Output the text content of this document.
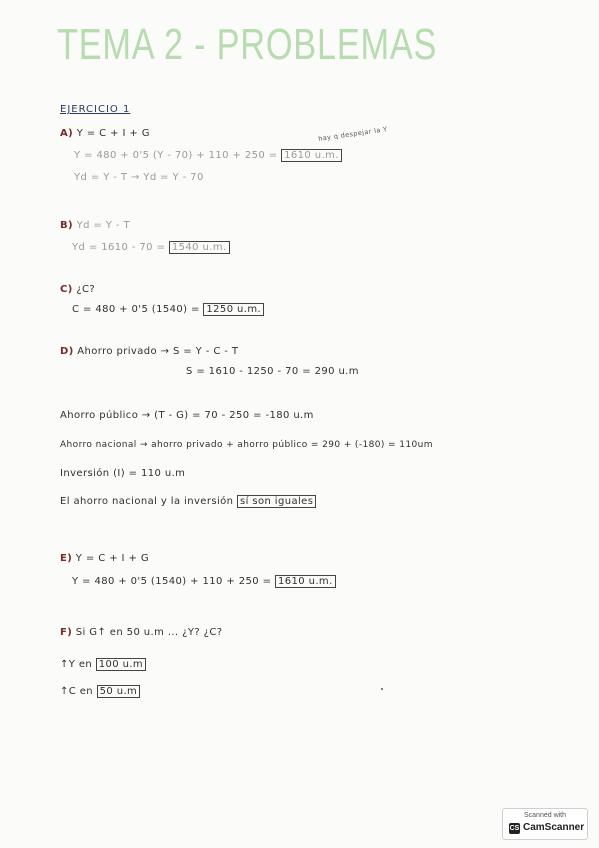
TEMA 2 - PROBLEMAS
EJERCICIO 1
A) Y = C + I + G	hay q despejar la Y
Y = 480 + 0'5 (Y - 70) + 110 + 250 = 1610 u.m.
Yd = Y - T → Yd = Y - 70
B) Yd = Y - T
Yd = 1610 - 70 = 1540 u.m.
C) ¿C?
C = 480 + 0'5 (1540) = 1250 u.m.
D) Ahorro privado → S = Y - C - T
S = 1610 - 1250 - 70 = 290 u.m
Ahorro público → (T - G) = 70 - 250 = -180 u.m
Ahorro nacional → ahorro privado + ahorro público = 290 + (-180) = 110um
Inversión (I) = 110 u.m
El ahorro nacional y la inversión sí son iguales
E) Y = C + I + G
Y = 480 + 0'5 (1540) + 110 + 250 = 1610 u.m.
F) Si G↑ en 50 u.m ... ¿Y? ¿C?
↑Y en 100 u.m
↑C en 50 u.m
Scanned with
CS CamScanner
